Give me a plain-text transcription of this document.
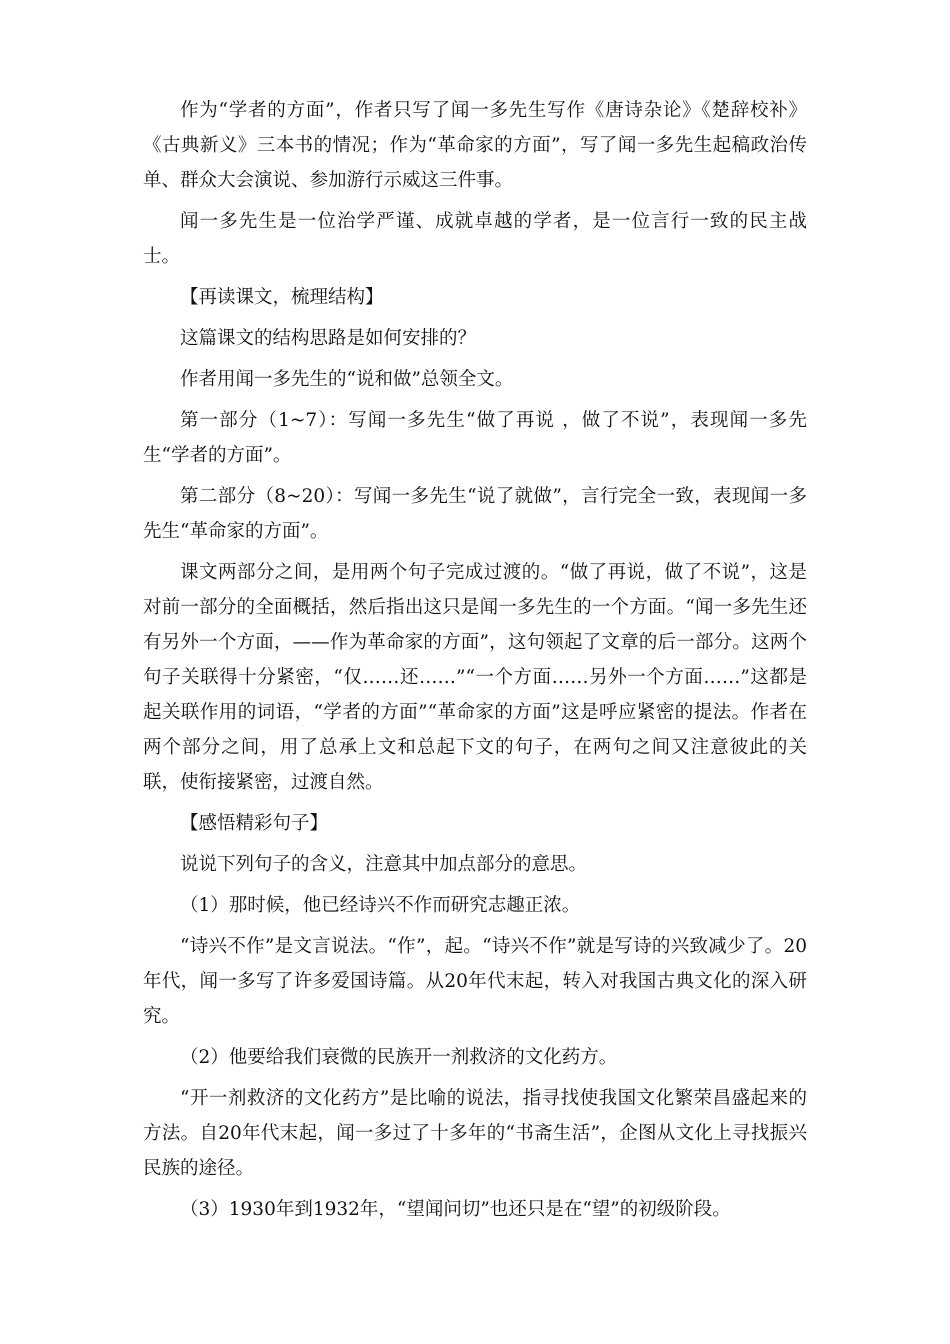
作为“学者的方面”，作者只写了闻一多先生写作《唐诗杂论》《楚辞校补》《古典新义》三本书的情况；作为“革命家的方面”，写了闻一多先生起稿政治传单、群众大会演说、参加游行示威这三件事。

闻一多先生是一位治学严谨、成就卓越的学者，是一位言行一致的民主战士。

【再读课文，梳理结构】

这篇课文的结构思路是如何安排的？

作者用闻一多先生的“说和做”总领全文。

第一部分（1~7）：写闻一多先生“做了再说 ，做了不说”，表现闻一多先生“学者的方面”。

第二部分（8~20）：写闻一多先生“说了就做”，言行完全一致，表现闻一多先生“革命家的方面”。

课文两部分之间，是用两个句子完成过渡的。“做了再说，做了不说”，这是对前一部分的全面概括，然后指出这只是闻一多先生的一个方面。“闻一多先生还有另外一个方面，——作为革命家的方面”，这句领起了文章的后一部分。这两个句子关联得十分紧密，“仅……还……”“一个方面……另外一个方面……”这都是起关联作用的词语，“学者的方面”“革命家的方面”这是呼应紧密的提法。作者在两个部分之间，用了总承上文和总起下文的句子，在两句之间又注意彼此的关联，使衔接紧密，过渡自然。

【感悟精彩句子】

说说下列句子的含义，注意其中加点部分的意思。

（1）那时候，他已经诗兴不作而研究志趣正浓。

“诗兴不作”是文言说法。“作”，起。“诗兴不作”就是写诗的兴致减少了。20年代，闻一多写了许多爱国诗篇。从20年代末起，转入对我国古典文化的深入研究。

（2）他要给我们衰微的民族开一剂救济的文化药方。

“开一剂救济的文化药方”是比喻的说法，指寻找使我国文化繁荣昌盛起来的方法。自20年代末起，闻一多过了十多年的“书斋生活”，企图从文化上寻找振兴民族的途径。

（3）1930年到1932年，“望闻问切”也还只是在“望”的初级阶段。
